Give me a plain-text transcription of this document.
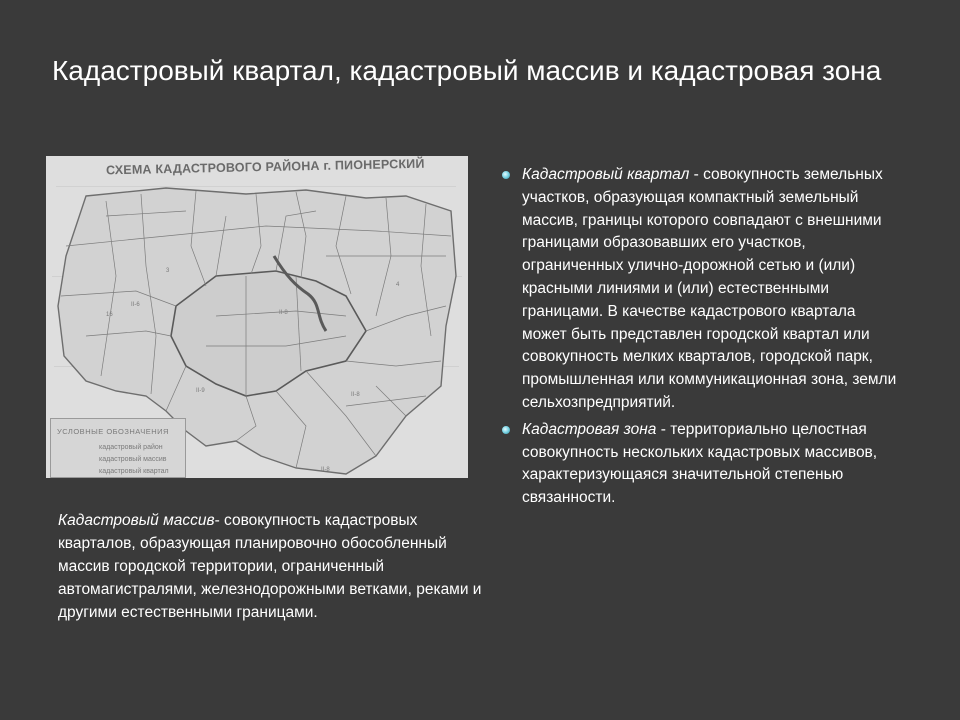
Кадастровый квартал, кадастровый массив и кадастровая зона
II-6
II-8
II-9
II-8
3
16
4
II-8
СХЕМА КАДАСТРОВОГО РАЙОНА г. ПИОНЕРСКИЙ
УСЛОВНЫЕ ОБОЗНАЧЕНИЯ
кадастровый район
кадастровый массив
кадастровый квартал
Кадастровый массив- совокупность кадастровых кварталов, образующая планировочно обособленный массив городской территории, ограниченный автомагистралями, железнодорожными ветками, реками и другими естественными границами.
Кадастровый квартал - совокупность земельных участков, образующая компактный земельный массив, границы которого совпадают с внешними границами образовавших его участков, ограниченных улично-дорожной сетью и (или) красными линиями и (или) естественными границами. В качестве кадастрового квартала может быть представлен городской квартал или совокупность мелких кварталов, городской парк, промышленная или коммуникационная зона, земли сельхозпредприятий.
Кадастровая зона - территориально целостная совокупность нескольких кадастровых массивов, характеризующаяся значительной степенью связанности.
